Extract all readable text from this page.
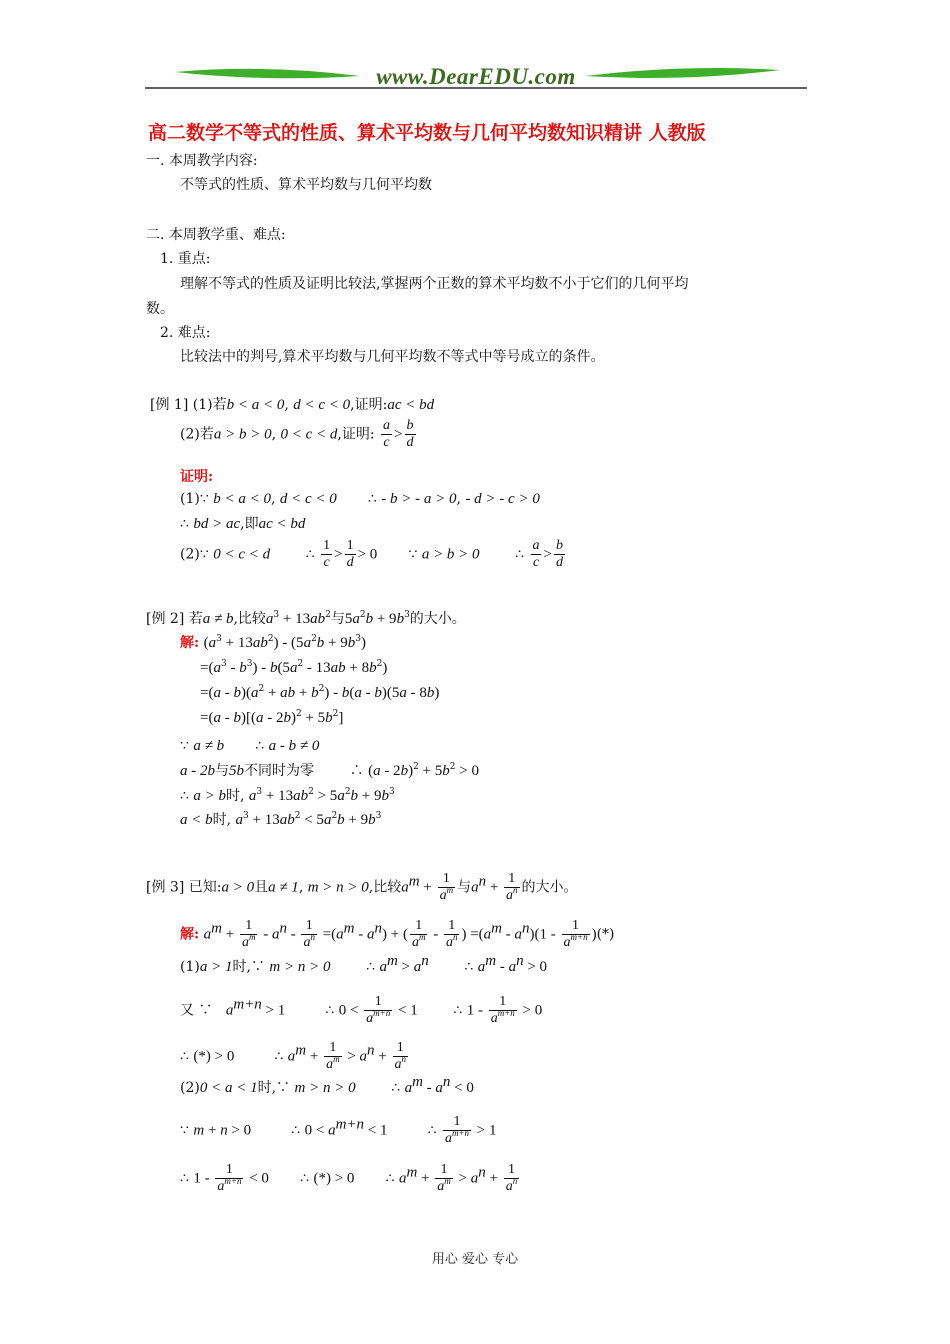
www.DearEDU.com
高二数学不等式的性质、算术平均数与几何平均数知识精讲 人教版
一. 本周教学内容:
不等式的性质、算术平均数与几何平均数
二. 本周教学重、难点:
1. 重点:
理解不等式的性质及证明比较法,掌握两个正数的算术平均数不小于它们的几何平均
数。
2. 难点:
比较法中的判号,算术平均数与几何平均数不等式中等号成立的条件。
[例 1] (1)若b < a < 0, d < c < 0,证明:ac < bd
(2)若a > b > 0, 0 < c < d,证明: $\frac{a}{c} > \frac{b}{d}$
证明:
(1)∵ b < a < 0, d < c < 0 ∴ - b > - a > 0, - d > - c > 0
∴ bd > ac,即ac < bd
(2)∵ 0 < c < d	∴ $\frac{1}{c} > \frac{1}{d} > 0$ ∵ a > b > 0	∴ $\frac{a}{c} > \frac{b}{d}$
[例 2] 若a ≠ b,比较$a^3 + 13ab^2$与$5a^2b + 9b^3$的大小。
解: $(a^3 + 13ab^2) - (5a^2b + 9b^3)$
$=(a^3 - b^3) - b(5a^2 - 13ab + 8b^2)$
$=(a - b)(a^2$ + ab + $b^2) - b(a - b)(5a - 8b)$
$=(a - b)[(a - 2b)^2 + 5b^2]$
∵ a ≠ b ∴ a - b ≠ 0
a - 2b与5b不同时为零	∴ $(a - 2b)^2 + 5b^2 > 0$
∴ a > b时, $a^3 + 13ab^2 > 5a^2b + 9b^3$
a < b时, $a^3 + 13ab^2 < 5a^2b + 9b^3$
[例 3] 已知:a > 0且a ≠ 1, m > n > 0,比较$a^m + \frac{1}{a^m}$ 与$a^n + \frac{1}{a^n}$ 的大小。
解: $a^m + \frac{1}{a^m} - a^n - \frac{1}{a^n} =(a^m - a^n)$ + ( $\frac{1}{a^m} - \frac{1}{a^n}$ ) $=(a^m - a^n)(1 - \frac{1}{a^{m+n}}$ )(*)
(1)a > 1时,∵ m > n > 0	∴ $a^m > a^n$	∴ $a^m - a^n > 0$
又 ∵ $a^{m+n} > 1$	∴ $0 < \frac{1}{a^{m+n}} < 1$	∴ $1 - \frac{1}{a^{m+n}} > 0$
∴ (*) > 0	∴ $a^m + \frac{1}{a^m} > a^n + \frac{1}{a^n}$
(2)0 < a < 1时,∵ m > n > 0	∴ $a^m - a^n < 0$
∵ m + n > 0	∴ $0 < a^{m+n} < 1$	∴ $\frac{1}{a^{m+n}} > 1$
∴ $1 - \frac{1}{a^{m+n}} < 0$ ∴ (*) > 0 ∴ $a^m + \frac{1}{a^m} > a^n + \frac{1}{a^n}$
用心 爱心 专心
